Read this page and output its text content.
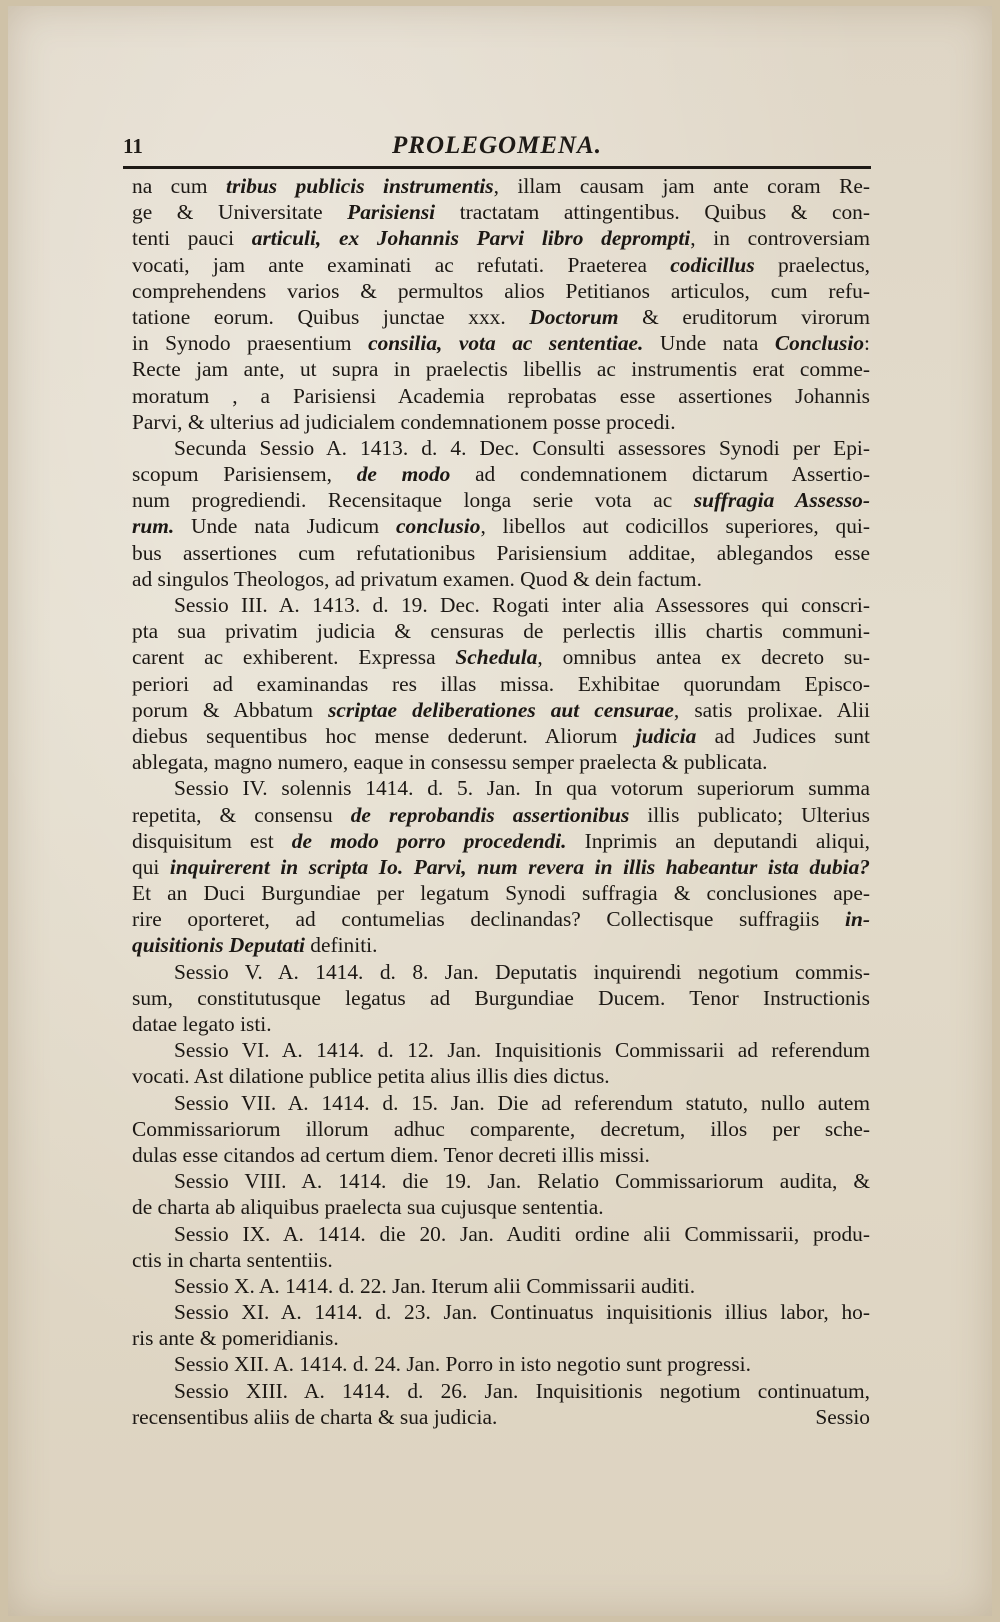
11	PROLEGOMENA.
na cum tribus publicis instrumentis, illam causam jam ante coram Re-
ge & Universitate Parisiensi tractatam attingentibus. Quibus & con-
tenti pauci articuli, ex Johannis Parvi libro deprompti, in controversiam
vocati, jam ante examinati ac refutati. Praeterea codicillus praelectus,
comprehendens varios & permultos alios Petitianos articulos, cum refu-
tatione eorum. Quibus junctae xxx. Doctorum & eruditorum virorum
in Synodo praesentium consilia, vota ac sententiae. Unde nata Conclusio:
Recte jam ante, ut supra in praelectis libellis ac instrumentis erat comme-
moratum , a Parisiensi Academia reprobatas esse assertiones Johannis
Parvi, & ulterius ad judicialem condemnationem posse procedi.
Secunda Sessio A. 1413. d. 4. Dec. Consulti assessores Synodi per Epi-
scopum Parisiensem, de modo ad condemnationem dictarum Assertio-
num progrediendi. Recensitaque longa serie vota ac suffragia Assesso-
rum. Unde nata Judicum conclusio, libellos aut codicillos superiores, qui-
bus assertiones cum refutationibus Parisiensium additae, ablegandos esse
ad singulos Theologos, ad privatum examen. Quod & dein factum.
Sessio III. A. 1413. d. 19. Dec. Rogati inter alia Assessores qui conscri-
pta sua privatim judicia & censuras de perlectis illis chartis communi-
carent ac exhiberent. Expressa Schedula, omnibus antea ex decreto su-
periori ad examinandas res illas missa. Exhibitae quorundam Episco-
porum & Abbatum scriptae deliberationes aut censurae, satis prolixae. Alii
diebus sequentibus hoc mense dederunt. Aliorum judicia ad Judices sunt
ablegata, magno numero, eaque in consessu semper praelecta & publicata.
Sessio IV. solennis 1414. d. 5. Jan. In qua votorum superiorum summa
repetita, & consensu de reprobandis assertionibus illis publicato; Ulterius
disquisitum est de modo porro procedendi. Inprimis an deputandi aliqui,
qui inquirerent in scripta Io. Parvi, num revera in illis habeantur ista dubia?
Et an Duci Burgundiae per legatum Synodi suffragia & conclusiones ape-
rire oporteret, ad contumelias declinandas? Collectisque suffragiis in-
quisitionis Deputati definiti.
Sessio V. A. 1414. d. 8. Jan. Deputatis inquirendi negotium commis-
sum, constitutusque legatus ad Burgundiae Ducem. Tenor Instructionis
datae legato isti.
Sessio VI. A. 1414. d. 12. Jan. Inquisitionis Commissarii ad referendum
vocati. Ast dilatione publice petita alius illis dies dictus.
Sessio VII. A. 1414. d. 15. Jan. Die ad referendum statuto, nullo autem
Commissariorum illorum adhuc comparente, decretum, illos per sche-
dulas esse citandos ad certum diem. Tenor decreti illis missi.
Sessio VIII. A. 1414. die 19. Jan. Relatio Commissariorum audita, &
de charta ab aliquibus praelecta sua cujusque sententia.
Sessio IX. A. 1414. die 20. Jan. Auditi ordine alii Commissarii, produ-
ctis in charta sententiis.
Sessio X. A. 1414. d. 22. Jan. Iterum alii Commissarii auditi.
Sessio XI. A. 1414. d. 23. Jan. Continuatus inquisitionis illius labor, ho-
ris ante & pomeridianis.
Sessio XII. A. 1414. d. 24. Jan. Porro in isto negotio sunt progressi.
Sessio XIII. A. 1414. d. 26. Jan. Inquisitionis negotium continuatum,
recensentibus aliis de charta & sua judicia.	Sessio
